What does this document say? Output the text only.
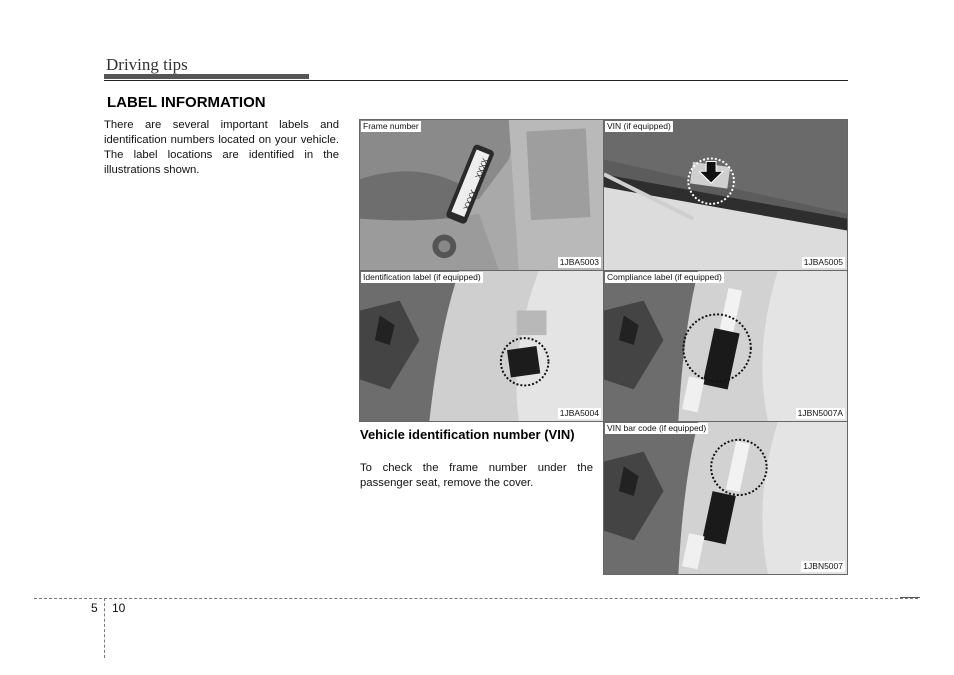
Driving tips
LABEL INFORMATION
There are several important labels and identification numbers located on your vehicle. The label locations are identified in the illustrations shown.	XXXX
XXXX
Frame number
1JBA5003
VIN (if equipped)
1JBA5005
Identification label (if equipped)
1JBA5004
Compliance label (if equipped)
1JBN5007A
VIN bar code (if equipped)
1JBN5007
Vehicle identification number (VIN)
To check the frame number under the passenger seat, remove the cover.
5 10
